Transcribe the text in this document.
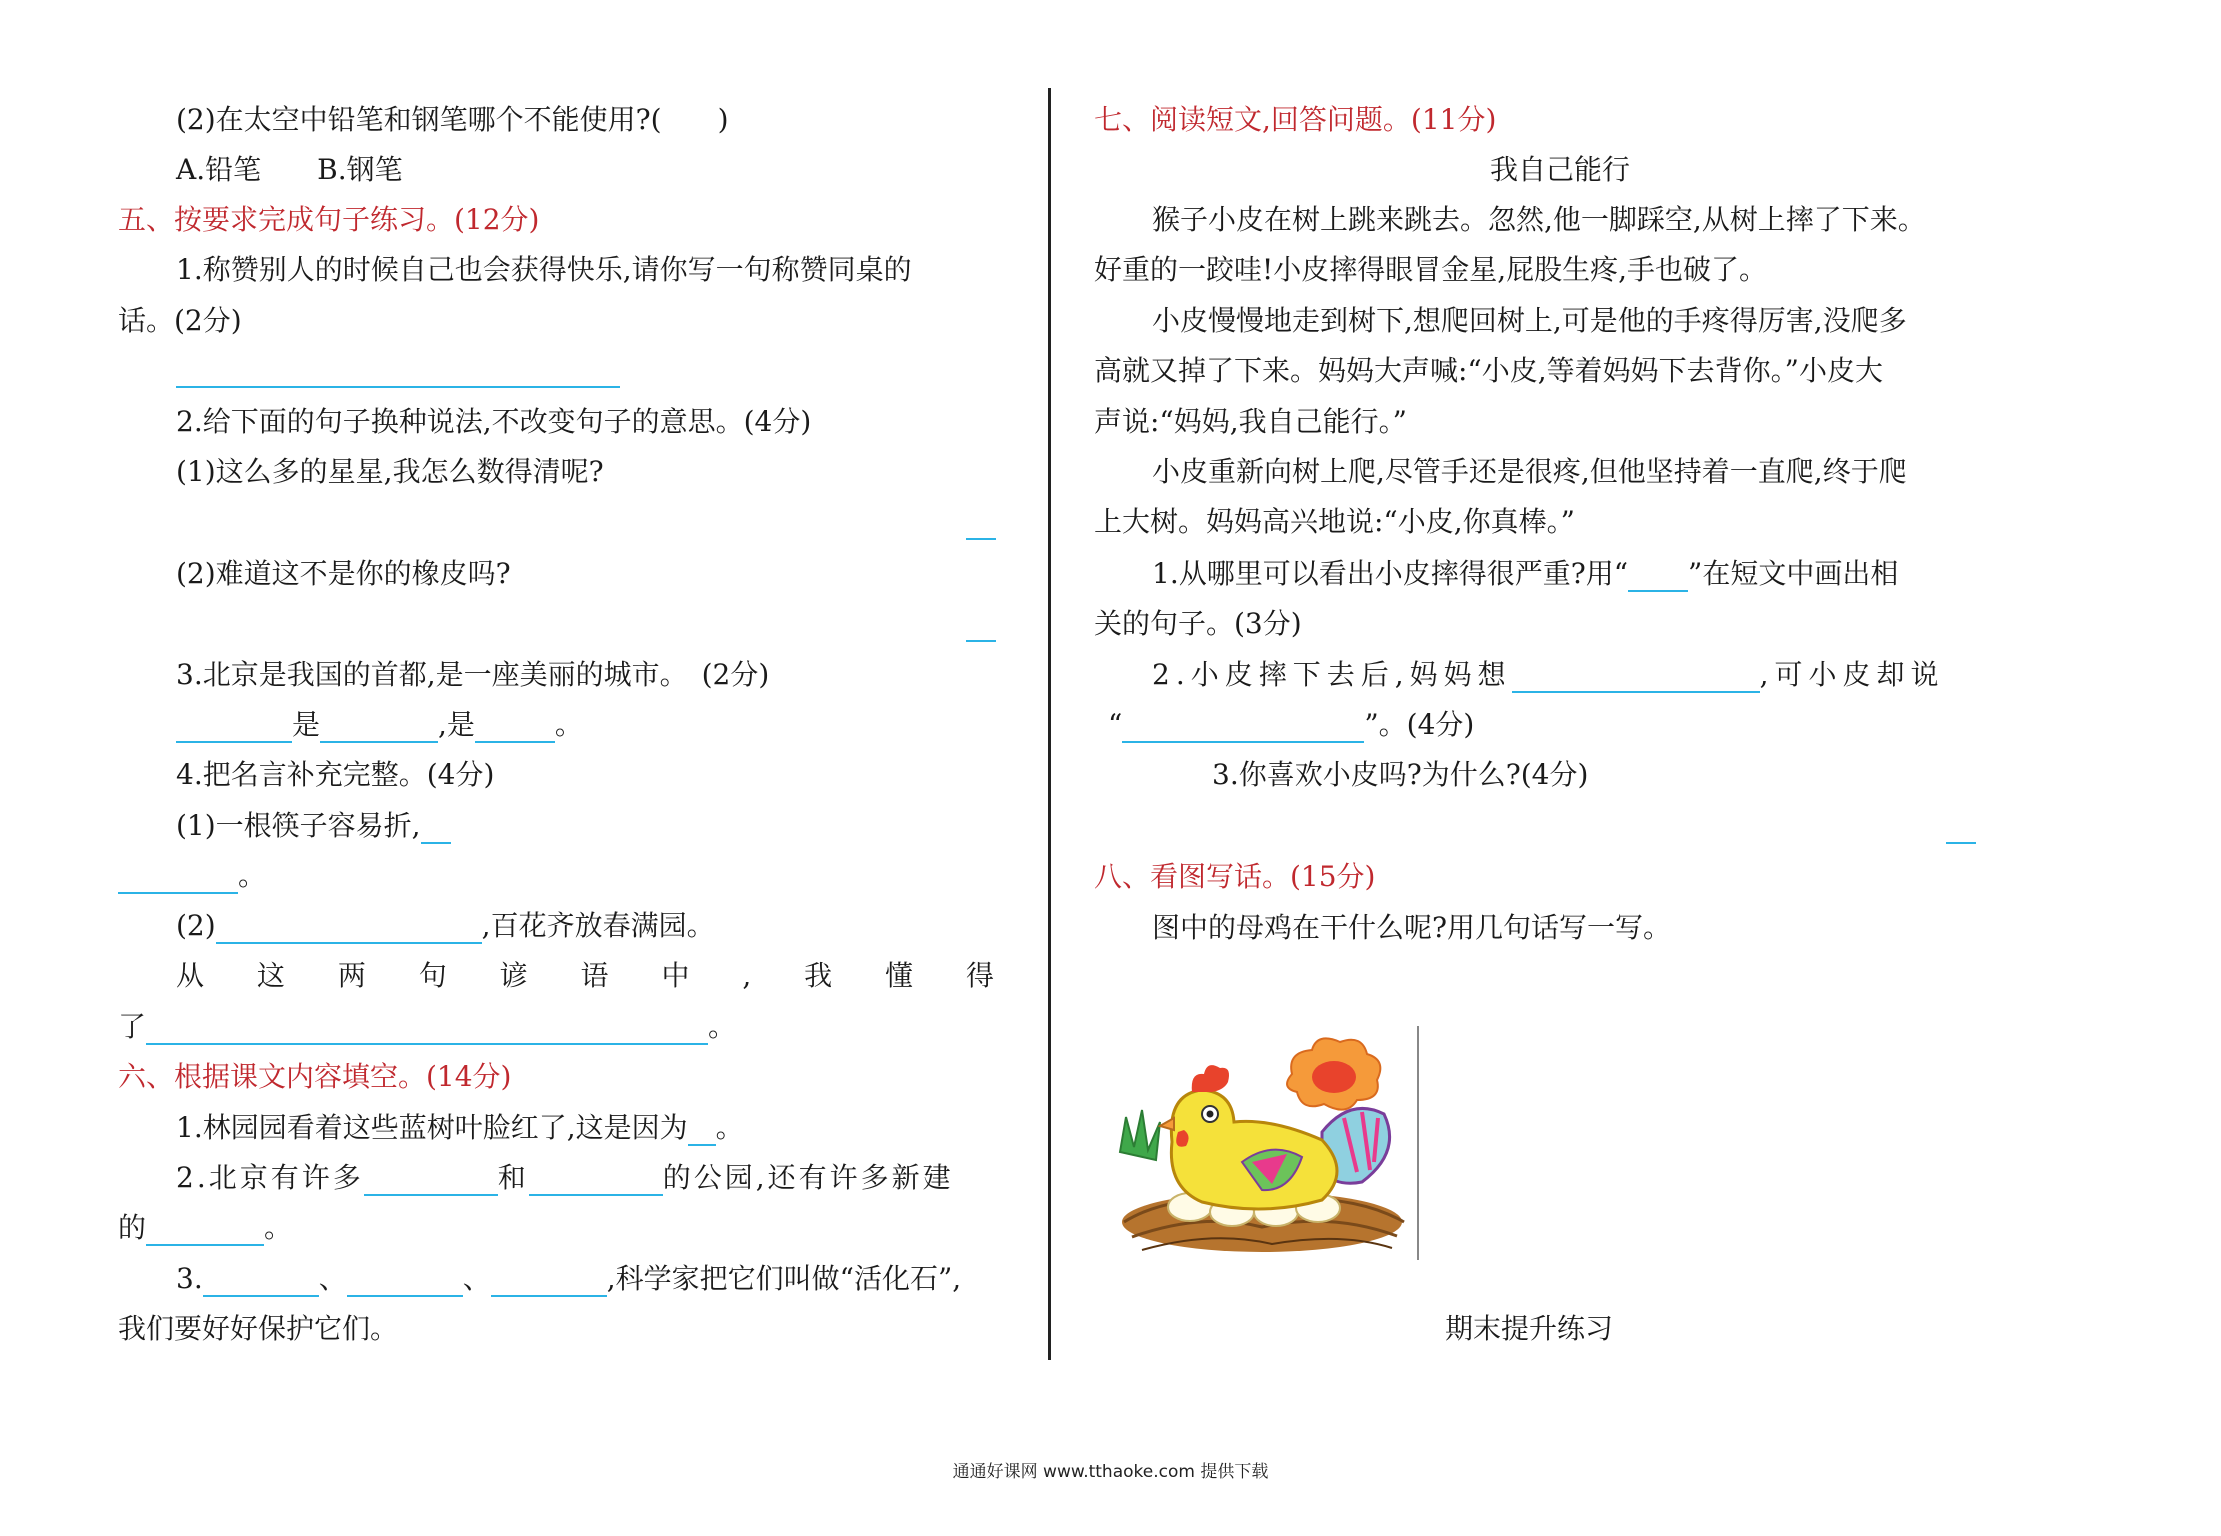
(2)在太空中铅笔和钢笔哪个不能使用?(　　)
A.铅笔　　B.钢笔
五、按要求完成句子练习。(12分)
1.称赞别人的时候自己也会获得快乐,请你写一句称赞同桌的
话。(2分)
2.给下面的句子换种说法,不改变句子的意思。(4分)
(1)这么多的星星,我怎么数得清呢?
(2)难道这不是你的橡皮吗?
3.北京是我国的首都,是一座美丽的城市。　(2分)
是	,是	。
4.把名言补充完整。(4分)
(1)一根筷子容易折,
。
(2)	,百花齐放春满园。
从 这 两 句 谚 语 中 , 我 懂 得
了	。
六、根据课文内容填空。(14分)
1.林园园看着这些蓝树叶脸红了,这是因为 。
2.北京有许多	和	的公园,还有许多新建
的	。
3.	、	、	,科学家把它们叫做“活化石”,
我们要好好保护它们。
七、阅读短文,回答问题。(11分)
我自己能行
猴子小皮在树上跳来跳去。忽然,他一脚踩空,从树上摔了下来。
好重的一跤哇!小皮摔得眼冒金星,屁股生疼,手也破了。
小皮慢慢地走到树下,想爬回树上,可是他的手疼得厉害,没爬多
高就又掉了下来。妈妈大声喊:“小皮,等着妈妈下去背你。”小皮大
声说:“妈妈,我自己能行。”
小皮重新向树上爬,尽管手还是很疼,但他坚持着一直爬,终于爬
上大树。妈妈高兴地说:“小皮,你真棒。”
1.从哪里可以看出小皮摔得很严重?用“ ”在短文中画出相
关的句子。(3分)
2.小皮摔下去后,妈妈想	,可小皮却说
“	”。(4分)
3.你喜欢小皮吗?为什么?(4分)
八、看图写话。(15分)
图中的母鸡在干什么呢?用几句话写一写。
期末提升练习
通通好课网 www.tthaoke.com 提供下载
